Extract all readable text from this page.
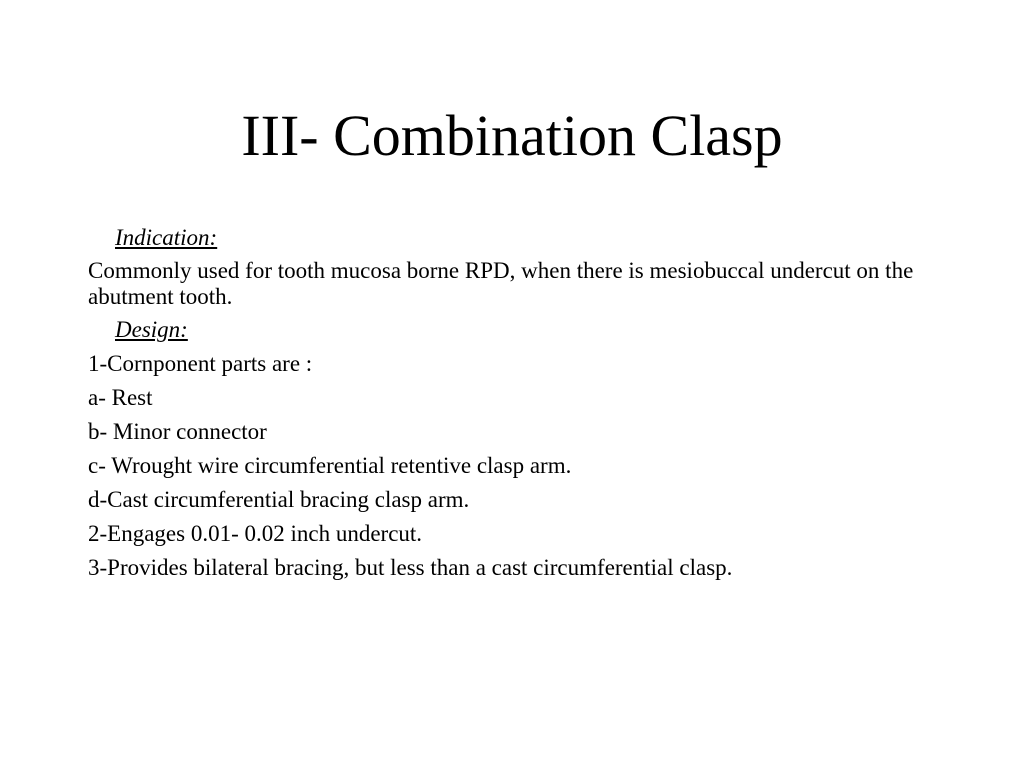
III- Combination Clasp
Indication:
Commonly used for tooth mucosa borne RPD, when there is mesiobuccal undercut on the abutment tooth.
Design:
1-Cornponent parts are :
a- Rest
b- Minor connector
c- Wrought wire circumferential retentive clasp arm.
d-Cast circumferential bracing clasp arm.
2-Engages 0.01- 0.02 inch undercut.
3-Provides bilateral bracing, but less than a cast circumferential clasp.
